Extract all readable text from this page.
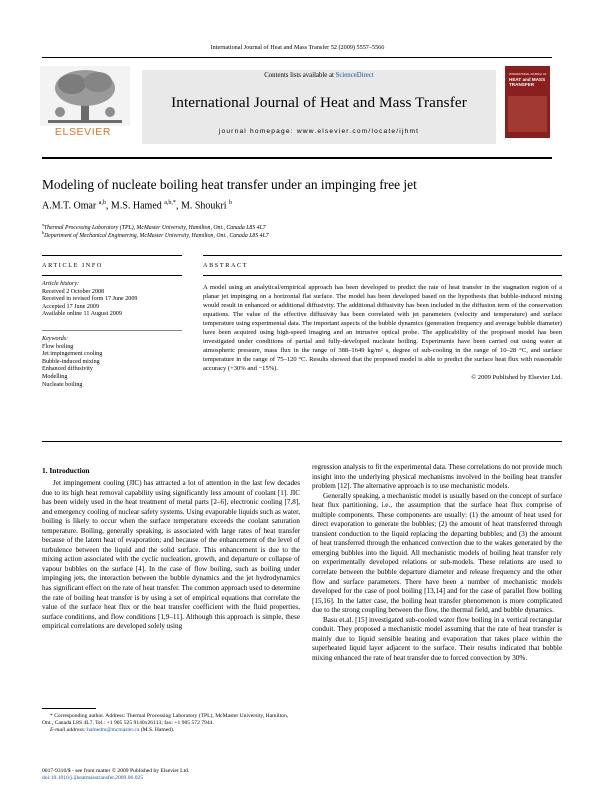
International Journal of Heat and Mass Transfer 52 (2009) 5557–5566
ELSEVIER
Contents lists available at ScienceDirect
International Journal of Heat and Mass Transfer
journal homepage: www.elsevier.com/locate/ijhmt
INTERNATIONAL JOURNAL OF
HEAT and MASS TRANSFER
Modeling of nucleate boiling heat transfer under an impinging free jet
A.M.T. Omar $^{a,b}$, M.S. Hamed $^{a,b,*}$, M. Shoukri $^b$
$^a$Thermal Processing Laboratory (TPL), McMaster University, Hamilton, Ont., Canada L8S 4L7
$^b$Department of Mechanical Engineering, McMaster University, Hamilton, Ont., Canada L8S 4L7
ARTICLE INFO
Article history:
Received 2 October 2008
Received in revised form 17 June 2009
Accepted 17 June 2009
Available online 11 August 2009
Keywords:
Flow boiling
Jet impingement cooling
Bubble-induced mixing
Enhanced diffusivity
Modelling
Nucleate boiling
ABSTRACT
A model using an analytical/empirical approach has been developed to predict the rate of heat transfer in the stagnation region of a planar jet impinging on a horizontal flat surface. The model has been developed based on the hypothesis that bubble-induced mixing would result in enhanced or additional diffusivity. The additional diffusivity has been included in the diffusion term of the conservation equations. The value of the effective diffusivity has been correlated with jet parameters (velocity and temperature) and surface temperature using experimental data. The important aspects of the bubble dynamics (generation frequency and average bubble diameter) have been acquired using high-speed imaging and an intrusive optical probe. The applicability of the proposed model has been investigated under conditions of partial and fully-developed nucleate boiling. Experiments have been carried out using water at atmospheric pressure, mass flux in the range of 388–1649 kg/m² s, degree of sub-cooling in the range of 10–28 °C, and surface temperature in the range of 75–120 °C. Results showed that the proposed model is able to predict the surface heat flux with reasonable accuracy (+30% and −15%).
© 2009 Published by Elsevier Ltd.
1. Introduction

Jet impingement cooling (JIC) has attracted a lot of attention in the last few decades due to its high heat removal capability using significantly less amount of coolant [1]. JIC has been widely used in the heat treatment of metal parts [2–6], electronic cooling [7,8], and emergency cooling of nuclear safety systems. Using evaporable liquids such as water, boiling is likely to occur when the surface temperature exceeds the coolant saturation temperature. Boiling, generally speaking, is associated with large rates of heat transfer because of the latent heat of evaporation; and because of the enhancement of the level of turbulence between the liquid and the solid surface. This enhancement is due to the mixing action associated with the cyclic nucleation, growth, and departure or collapse of vapour bubbles on the surface [4]. In the case of flow boiling, such as boiling under impinging jets, the interaction between the bubble dynamics and the jet hydrodynamics has significant effect on the rate of heat transfer. The common approach used to determine the rate of boiling heat transfer is by using a set of empirical equations that correlate the value of the surface heat flux or the heat transfer coefficient with the fluid properties, surface conditions, and flow conditions [1,9–11]. Although this approach is simple, these empirical correlations are developed solely using

regression analysis to fit the experimental data. These correlations do not provide much insight into the underlying physical mechanisms involved in the boiling heat transfer problem [12]. The alternative approach is to use mechanistic models.

Generally speaking, a mechanistic model is usually based on the concept of surface heat flux partitioning, i.e., the assumption that the surface heat flux comprise of multiple components. These components are usually: (1) the amount of heat used for direct evaporation to generate the bubbles; (2) the amount of heat transferred through transient conduction to the liquid replacing the departing bubbles; and (3) the amount of heat transferred through the enhanced convection due to the wakes generated by the emerging bubbles into the liquid. All mechanistic models of boiling heat transfer rely on experimentally developed relations or sub-models. These relations are used to correlate between the bubble departure diameter and release frequency and the other flow and surface parameters. There have been a number of mechanistic models developed for the case of pool boiling [13,14] and for the case of parallel flow boiling [15,16]. In the latter case, the boiling heat transfer phenomenon is more complicated due to the strong coupling between the flow, the thermal field, and bubble dynamics.

Basu et.al. [15] investigated sub-cooled water flow boiling in a vertical rectangular conduit. They proposed a mechanistic model assuming that the rate of heat transfer is mainly due to liquid sensible heating and evaporation that takes place within the superheated liquid layer adjacent to the surface. Their results indicated that bubble mixing enhanced the rate of heat transfer due to forced convection by 30%.

* Corresponding author. Address: Thermal Processing Laboratory (TPL), McMaster University, Hamilton, Ont., Canada L8S 4L7. Tel.: +1 905 525 9140x26113; fax: +1 905 572 7944.
E-mail address: hamedm@mcmaster.ca (M.S. Hamed).
0017-9310/$ - see front matter © 2009 Published by Elsevier Ltd.
doi:10.1016/j.ijheatmasstransfer.2009.06.025
